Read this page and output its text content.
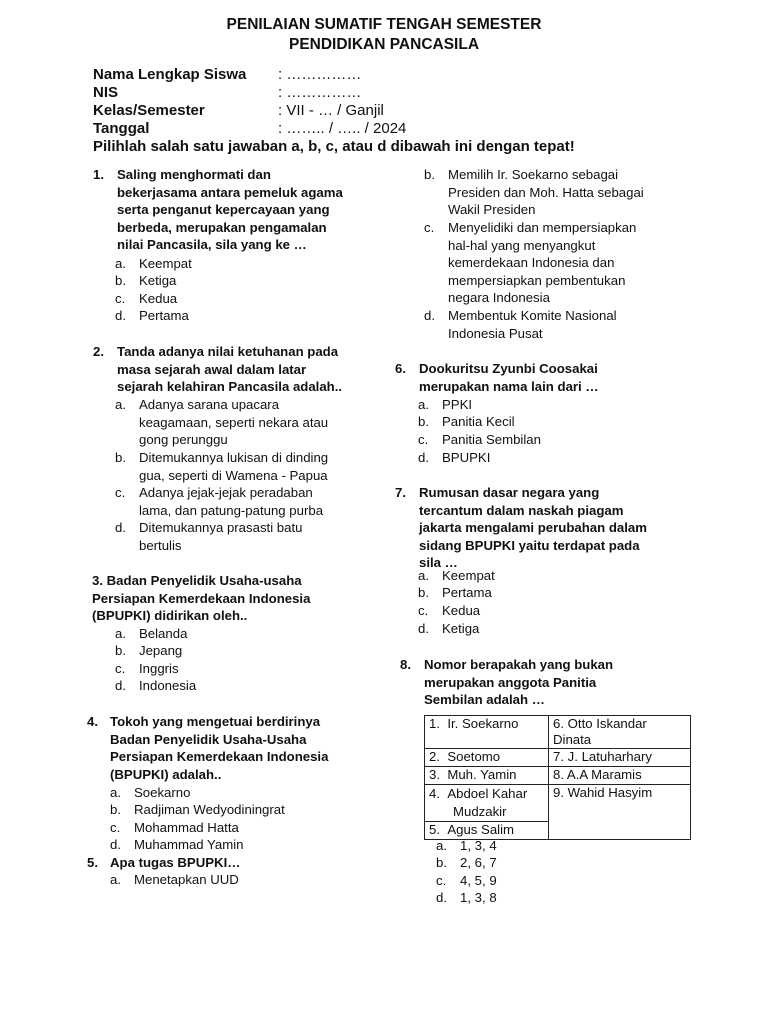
PENILAIAN SUMATIF TENGAH SEMESTER
PENDIDIKAN PANCASILA
Nama Lengkap Siswa : ……………
NIS	: ……………
Kelas/Semester	: VII - … / Ganjil
Tanggal	: …….. / ….. / 2024
Pilihlah salah satu jawaban a, b, c, atau d dibawah ini dengan tepat!
1. Saling menghormati dan
bekerjasama antara pemeluk agama
serta penganut kepercayaan yang
berbeda, merupakan pengamalan
nilai Pancasila, sila yang ke …
a. Keempat
b. Ketiga
c. Kedua
d. Pertama
2. Tanda adanya nilai ketuhanan pada
masa sejarah awal dalam latar
sejarah kelahiran Pancasila adalah..
a. Adanya sarana upacara
keagamaan, seperti nekara atau
gong perunggu
b. Ditemukannya lukisan di dinding
gua, seperti di Wamena - Papua
c. Adanya jejak-jejak peradaban
lama, dan patung-patung purba
d. Ditemukannya prasasti batu
bertulis
3. Badan Penyelidik Usaha-usaha
Persiapan Kemerdekaan Indonesia
(BPUPKI) didirikan oleh..
a. Belanda
b. Jepang
c. Inggris
d. Indonesia
4. Tokoh yang mengetuai berdirinya
Badan Penyelidik Usaha-Usaha
Persiapan Kemerdekaan Indonesia
(BPUPKI) adalah..
a. Soekarno
b. Radjiman Wedyodiningrat
c. Mohammad Hatta
d. Muhammad Yamin
5. Apa tugas BPUPKI…
a. Menetapkan UUD
b. Memilih Ir. Soekarno sebagai
Presiden dan Moh. Hatta sebagai
Wakil Presiden
c. Menyelidiki dan mempersiapkan
hal-hal yang menyangkut
kemerdekaan Indonesia dan
mempersiapkan pembentukan
negara Indonesia
d. Membentuk Komite Nasional
Indonesia Pusat
6. Dookuritsu Zyunbi Coosakai
merupakan nama lain dari …
a. PPKI
b. Panitia Kecil
c. Panitia Sembilan
d. BPUPKI
7. Rumusan dasar negara yang
tercantum dalam naskah piagam
jakarta mengalami perubahan dalam
sidang BPUPKI yaitu terdapat pada
sila …
a. Keempat
b. Pertama
c. Kedua
d. Ketiga
8. Nomor berapakah yang bukan
merupakan anggota Panitia
Sembilan adalah …
1. Ir. Soekarno	6. Otto Iskandar
Dinata

2. Soetomo	7. J. Latuharhary
3. Muh. Yamin	8. A.A Maramis
4. Abdoel Kahar
Mudzakir	9. Wahid Hasyim
5. Agus Salim	
a. 1, 3, 4
b. 2, 6, 7
c. 4, 5, 9
d. 1, 3, 8
